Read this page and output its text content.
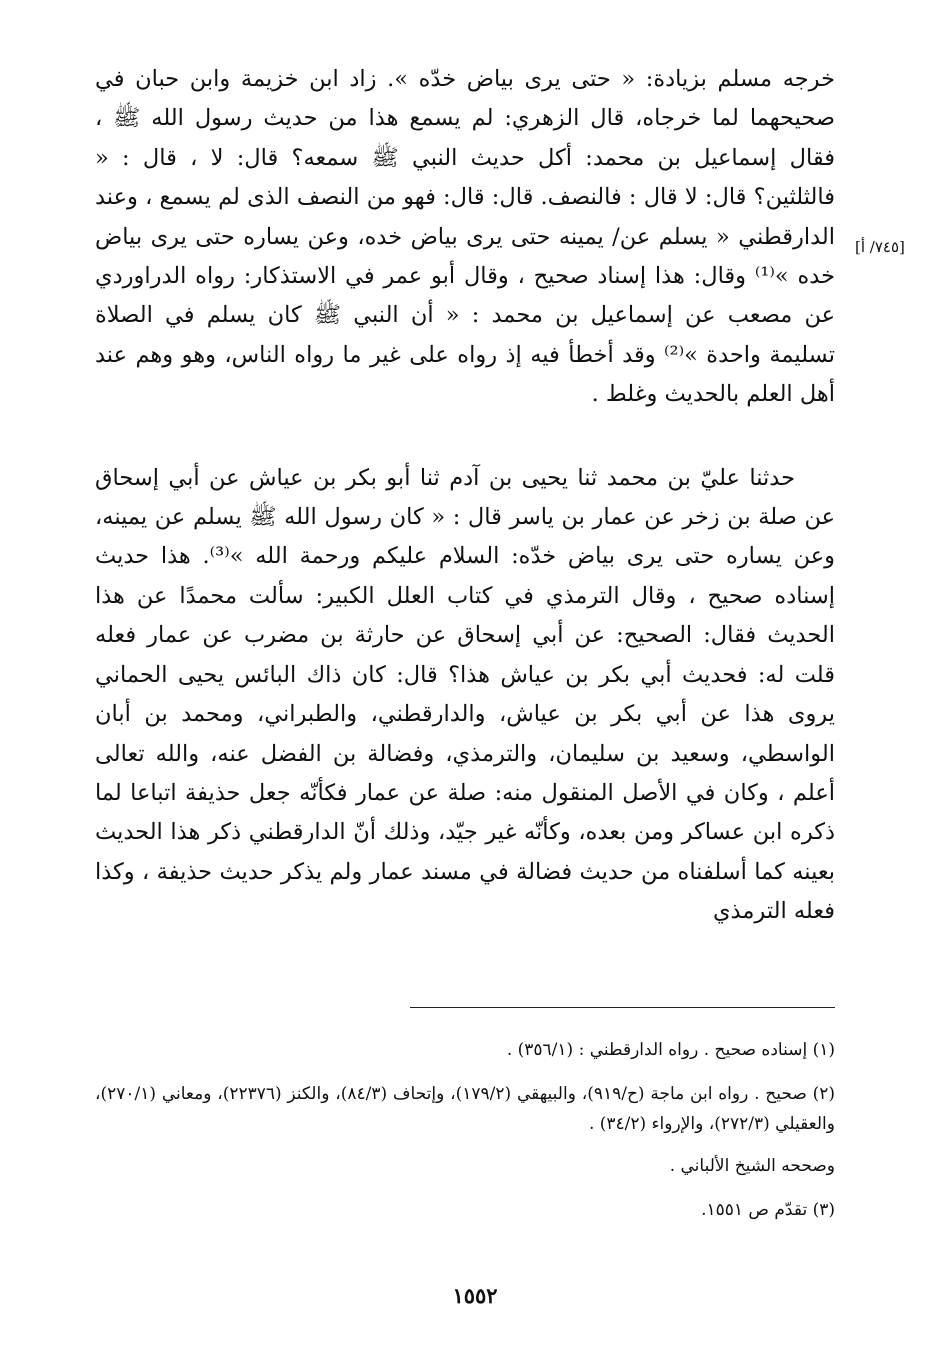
[٧٤٥/ أ]

خرجه مسلم بزيادة: « حتى يرى بياض خدّه ». زاد ابن خزيمة وابن حبان في صحيحهما لما خرجاه، قال الزهري: لم يسمع هذا من حديث رسول الله ﷺ ، فقال إسماعيل بن محمد: أكل حديث النبي ﷺ سمعه؟ قال: لا ، قال : « فالثلثين؟ قال: لا قال : فالنصف. قال: قال: فهو من النصف الذى لم يسمع ، وعند الدارقطني « يسلم عن/ يمينه حتى يرى بياض خده، وعن يساره حتى يرى بياض خده »⁽¹⁾ وقال: هذا إسناد صحيح ، وقال أبو عمر في الاستذكار: رواه الدراوردي عن مصعب عن إسماعيل بن محمد : « أن النبي ﷺ كان يسلم في الصلاة تسليمة واحدة »⁽²⁾ وقد أخطأ فيه إذ رواه على غير ما رواه الناس، وهو وهم عند أهل العلم بالحديث وغلط .

حدثنا عليّ بن محمد ثنا يحيى بن آدم ثنا أبو بكر بن عياش عن أبي إسحاق عن صلة بن زخر عن عمار بن ياسر قال : « كان رسول الله ﷺ يسلم عن يمينه، وعن يساره حتى يرى بياض خدّه: السلام عليكم ورحمة الله »⁽³⁾. هذا حديث إسناده صحيح ، وقال الترمذي في كتاب العلل الكبير: سألت محمدًا عن هذا الحديث فقال: الصحيح: عن أبي إسحاق عن حارثة بن مضرب عن عمار فعله قلت له: فحديث أبي بكر بن عياش هذا؟ قال: كان ذاك البائس يحيى الحماني يروى هذا عن أبي بكر بن عياش، والدارقطني، والطبراني، ومحمد بن أبان الواسطي، وسعيد بن سليمان، والترمذي، وفضالة بن الفضل عنه، والله تعالى أعلم ، وكان في الأصل المنقول منه: صلة عن عمار فكأنّه جعل حذيفة اتباعا لما ذكره ابن عساكر ومن بعده، وكأنّه غير جيّد، وذلك أنّ الدارقطني ذكر هذا الحديث بعينه كما أسلفناه من حديث فضالة في مسند عمار ولم يذكر حديث حذيفة ، وكذا فعله الترمذي

(١) إسناده صحيح . رواه الدارقطني : (٣٥٦/١) .

(٢) صحيح . رواه ابن ماجة (ح/٩١٩)، والبيهقي (١٧٩/٢)، وإتحاف (٨٤/٣)، والكنز (٢٢٣٧٦)، ومعاني (٢٧٠/١)، والعقيلي (٢٧٢/٣)، والإرواء (٣٤/٢) .

وصححه الشيخ الألباني .

(٣) تقدّم ص ١٥٥١.

١٥٥٢
